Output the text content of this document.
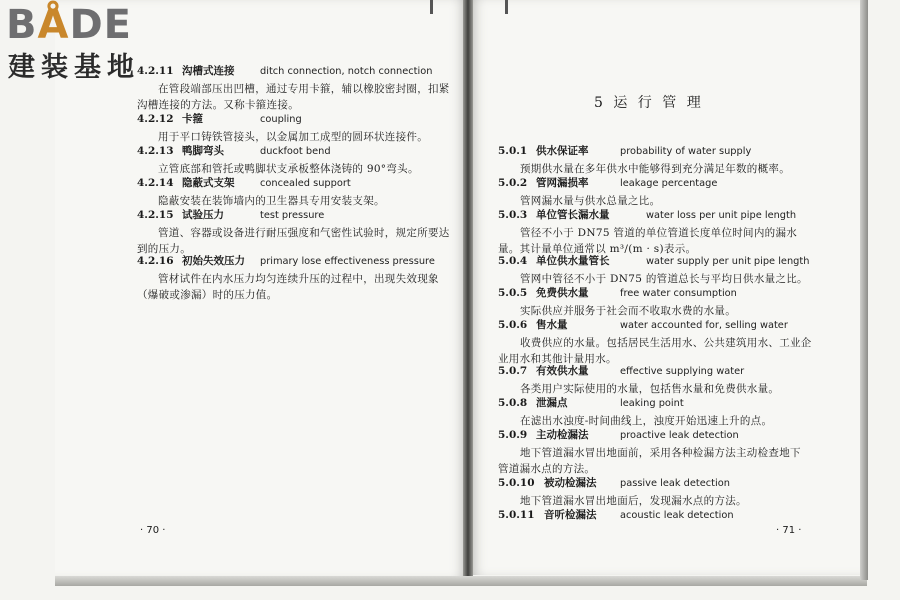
BÅDE
建装基地
4.2.11 沟槽式连接	ditch connection, notch connection
在管段端部压出凹槽，通过专用卡箍，辅以橡胶密封圈，扣紧
沟槽连接的方法。又称卡箍连接。
4.2.12 卡箍	coupling
用于平口铸铁管接头，以金属加工成型的圆环状连接件。
4.2.13 鸭脚弯头	duckfoot bend
立管底部和管托或鸭脚状支承板整体浇铸的 90°弯头。
4.2.14 隐蔽式支架	concealed support
隐蔽安装在装饰墙内的卫生器具专用安装支架。
4.2.15 试验压力	test pressure
管道、容器或设备进行耐压强度和气密性试验时，规定所要达
到的压力。
4.2.16 初始失效压力 primary lose effectiveness pressure
管材试件在内水压力均匀连续升压的过程中，出现失效现象
（爆破或渗漏）时的压力值。
5 运 行 管 理
5.0.1 供水保证率	probability of water supply
预期供水量在多年供水中能够得到充分满足年数的概率。
5.0.2 管网漏损率	leakage percentage
管网漏水量与供水总量之比。
5.0.3 单位管长漏水量	water loss per unit pipe length
管径不小于 DN75 管道的单位管道长度单位时间内的漏水
量。其计量单位通常以 m³/(m · s)表示。
5.0.4 单位供水量管长	water supply per unit pipe length
管网中管径不小于 DN75 的管道总长与平均日供水量之比。
5.0.5 免费供水量	free water consumption
实际供应并服务于社会而不收取水费的水量。
5.0.6 售水量	water accounted for, selling water
收费供应的水量。包括居民生活用水、公共建筑用水、工业企
业用水和其他计量用水。
5.0.7 有效供水量	effective supplying water
各类用户实际使用的水量，包括售水量和免费供水量。
5.0.8 泄漏点	leaking point
在滤出水浊度-时间曲线上，浊度开始迅速上升的点。
5.0.9 主动检漏法	proactive leak detection
地下管道漏水冒出地面前，采用各种检漏方法主动检查地下
管道漏水点的方法。
5.0.10 被动检漏法 passive leak detection
地下管道漏水冒出地面后，发现漏水点的方法。
5.0.11 音听检漏法 acoustic leak detection
· 70 ·	· 71 ·
